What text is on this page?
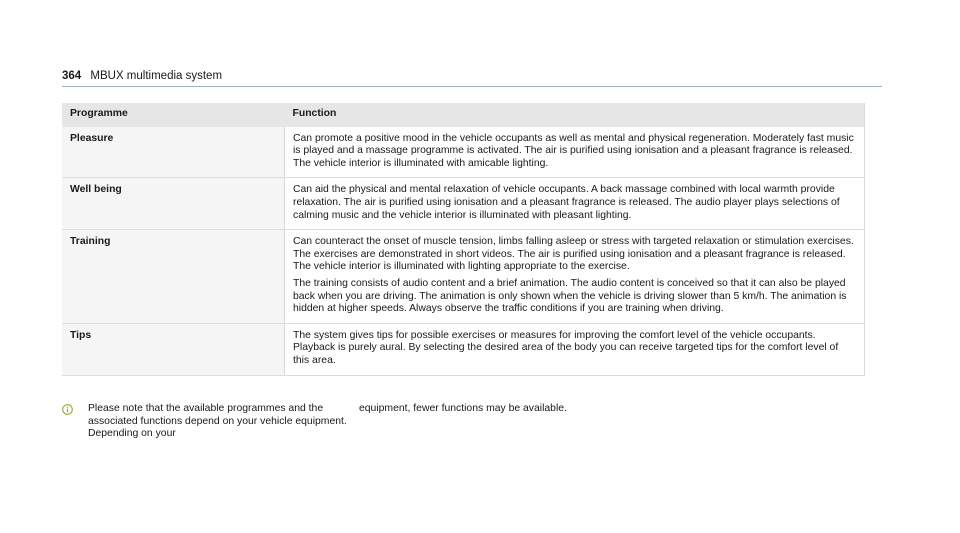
364 MBUX multimedia system
Programme	Function
Pleasure	Can promote a positive mood in the vehicle occupants as well as mental and physical regeneration. Moderately fast music is played and a massage programme is activated. The air is purified using ionisation and a pleasant fragrance is released. The vehicle interior is illuminated with amicable lighting.

Well being	Can aid the physical and mental relaxation of vehicle occupants. A back massage combined with local warmth provide relaxation. The air is purified using ionisation and a pleasant fragrance is released. The audio player plays selections of calming music and the vehicle interior is illuminated with pleasant lighting.

Training	Can counteract the onset of muscle tension, limbs falling asleep or stress with targeted relaxation or stimulation exercises. The exercises are demonstrated in short videos. The air is purified using ionisation and a pleasant fragrance is released. The vehicle interior is illuminated with lighting appropriate to the exercise.

The training consists of audio content and a brief animation. The audio content is conceived so that it can also be played back when you are driving. The animation is only shown when the vehicle is driving slower than 5 km/h. The animation is hidden at higher speeds. Always observe the traffic conditions if you are training when driving.

Tips	The system gives tips for possible exercises or measures for improving the comfort level of the vehicle occupants. Playback is purely aural. By selecting the desired area of the body you can receive targeted tips for the comfort level of this area.

Please note that the available programmes and the associated functions depend on your vehicle equipment. Depending on your
equipment, fewer functions may be available.
